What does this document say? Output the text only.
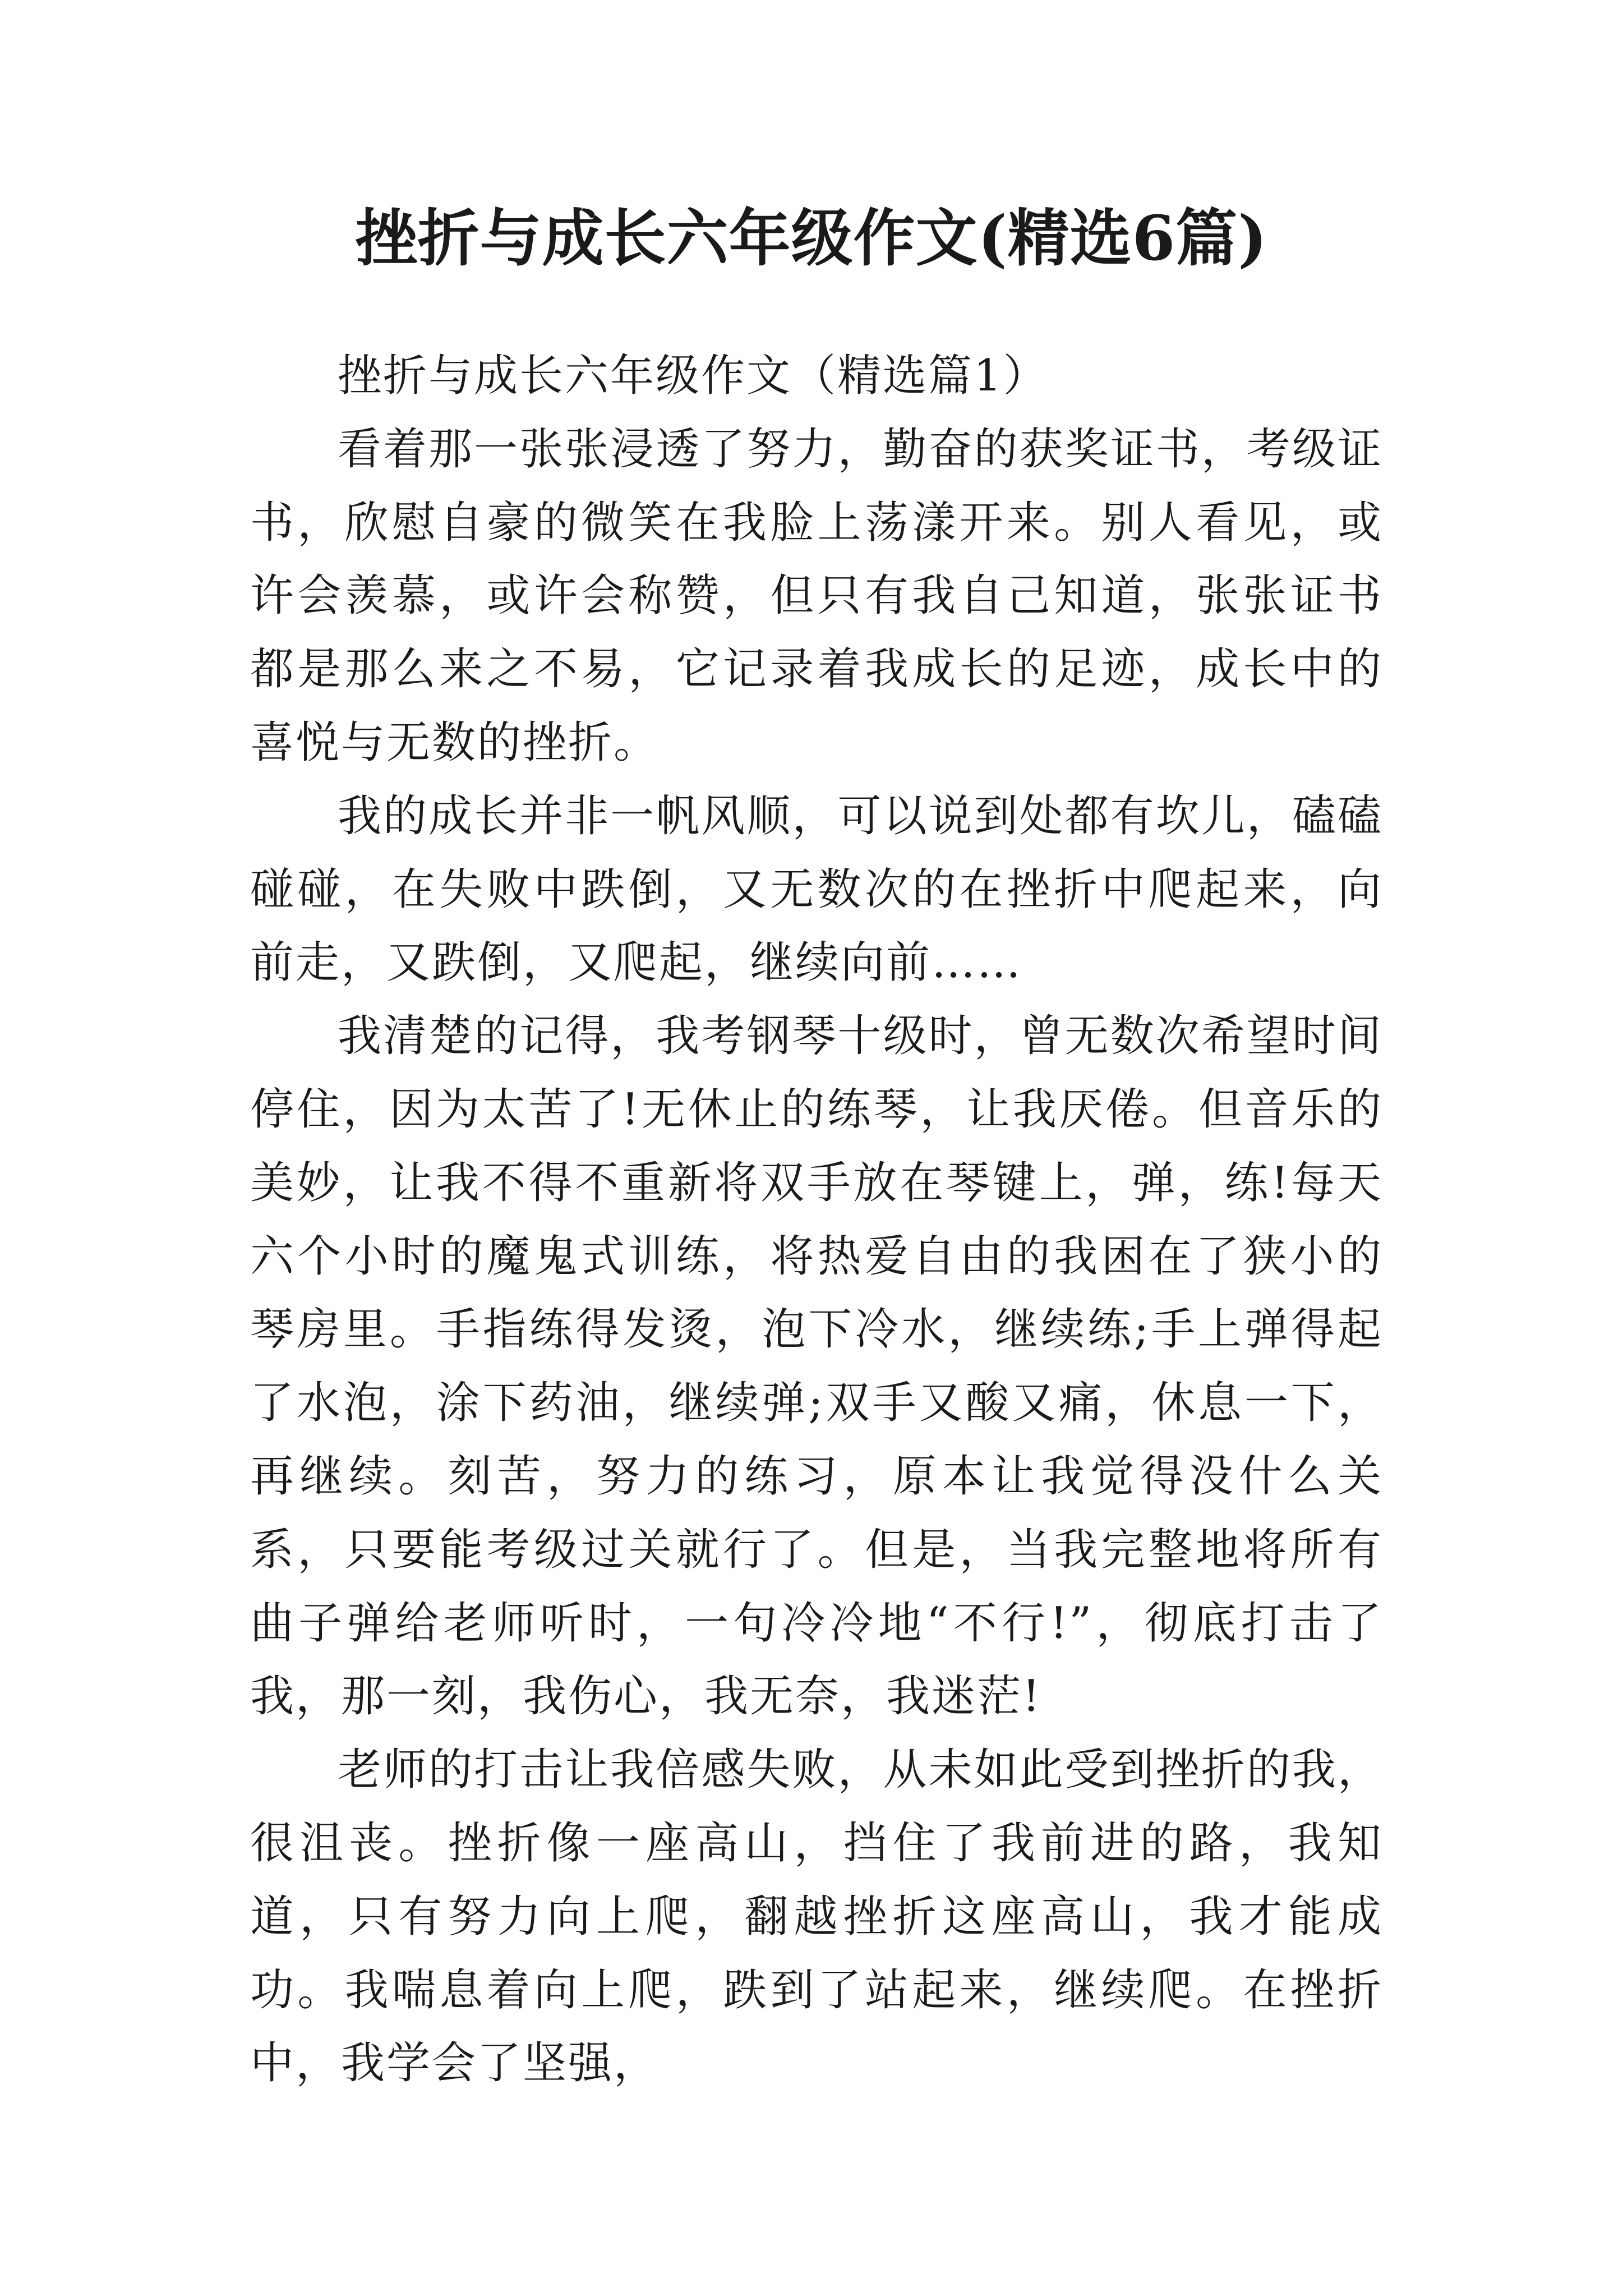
挫折与成长六年级作文(精选6篇)

挫折与成长六年级作文（精选篇1）

看着那一张张浸透了努力，勤奋的获奖证书，考级证书，欣慰自豪的微笑在我脸上荡漾开来。别人看见，或许会羡慕，或许会称赞，但只有我自己知道，张张证书都是那么来之不易，它记录着我成长的足迹，成长中的喜悦与无数的挫折。

我的成长并非一帆风顺，可以说到处都有坎儿，磕磕碰碰，在失败中跌倒，又无数次的在挫折中爬起来，向前走，又跌倒，又爬起，继续向前……

我清楚的记得，我考钢琴十级时，曾无数次希望时间停住，因为太苦了!无休止的练琴，让我厌倦。但音乐的美妙，让我不得不重新将双手放在琴键上，弹，练!每天六个小时的魔鬼式训练，将热爱自由的我困在了狭小的琴房里。手指练得发烫，泡下冷水，继续练;手上弹得起了水泡，涂下药油，继续弹;双手又酸又痛，休息一下，再继续。刻苦，努力的练习，原本让我觉得没什么关系，只要能考级过关就行了。但是，当我完整地将所有曲子弹给老师听时，一句冷冷地“不行!”，彻底打击了我，那一刻，我伤心，我无奈，我迷茫!

老师的打击让我倍感失败，从未如此受到挫折的我，很沮丧。挫折像一座高山，挡住了我前进的路，我知道，只有努力向上爬，翻越挫折这座高山，我才能成功。我喘息着向上爬，跌到了站起来，继续爬。在挫折中，我学会了坚强，
